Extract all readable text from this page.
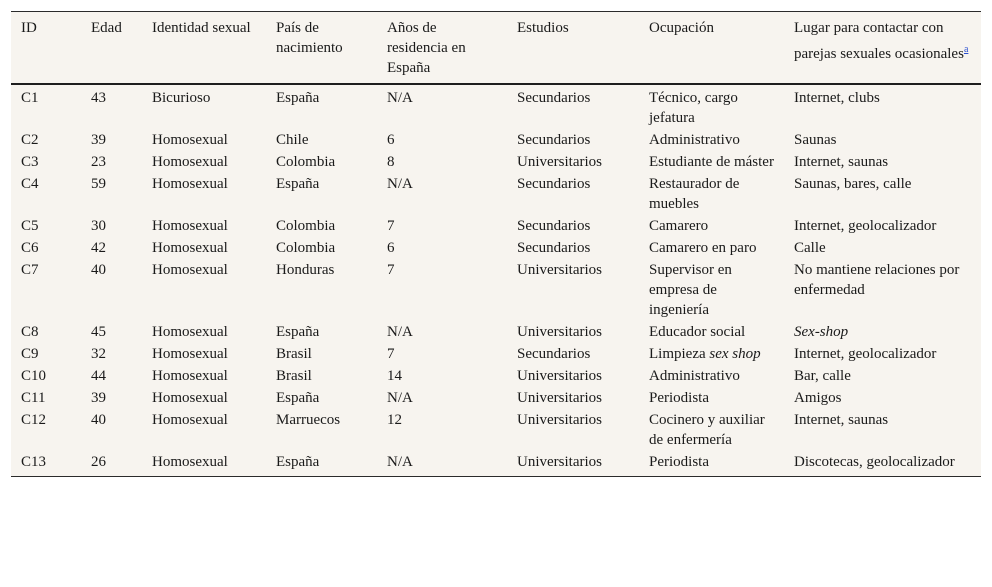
ID	Edad	Identidad sexual	País de nacimiento	Años de residencia en España	Estudios	Ocupación	Lugar para contactar con parejas sexuales ocasionales$^a$
C1	43	Bicurioso	España	N/A	Secundarios	Técnico, cargo jefatura	Internet, clubs
C2	39	Homosexual	Chile	6	Secundarios	Administrativo	Saunas
C3	23	Homosexual	Colombia	8	Universitarios	Estudiante de máster	Internet, saunas
C4	59	Homosexual	España	N/A	Secundarios	Restaurador de muebles	Saunas, bares, calle
C5	30	Homosexual	Colombia	7	Secundarios	Camarero	Internet, geolocalizador
C6	42	Homosexual	Colombia	6	Secundarios	Camarero en paro	Calle
C7	40	Homosexual	Honduras	7	Universitarios	Supervisor en empresa de ingeniería	No mantiene relaciones por enfermedad
C8	45	Homosexual	España	N/A	Universitarios	Educador social	Sex-shop
C9	32	Homosexual	Brasil	7	Secundarios	Limpieza sex shop	Internet, geolocalizador
C10	44	Homosexual	Brasil	14	Universitarios	Administrativo	Bar, calle
C11	39	Homosexual	España	N/A	Universitarios	Periodista	Amigos
C12	40	Homosexual	Marruecos	12	Universitarios	Cocinero y auxiliar de enfermería	Internet, saunas
C13	26	Homosexual	España	N/A	Universitarios	Periodista	Discotecas, geolocalizador
